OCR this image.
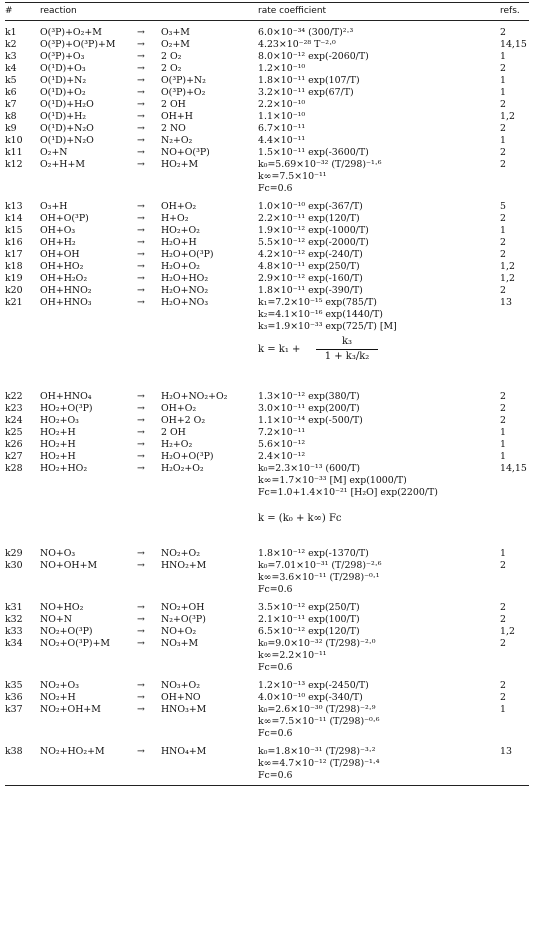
#	reaction	rate coefficient	refs.
k1 O(³P)+O₂+M	→ O₃+M	6.0×10⁻³⁴ (300/T)²·³	2
k2 O(³P)+O(³P)+M → O₂+M	4.23×10⁻²⁸ T⁻²·⁰	14,15
k3 O(³P)+O₃	→ 2 O₂	8.0×10⁻¹² exp(-2060/T)	1
k4 O(¹D)+O₃	→ 2 O₂	1.2×10⁻¹⁰	2
k5 O(¹D)+N₂	→ O(³P)+N₂	1.8×10⁻¹¹ exp(107/T)	1
k6 O(¹D)+O₂	→ O(³P)+O₂	3.2×10⁻¹¹ exp(67/T)	1
k7 O(¹D)+H₂O	→ 2 OH	2.2×10⁻¹⁰	2
k8 O(¹D)+H₂	→ OH+H	1.1×10⁻¹⁰	1,2
k9 O(¹D)+N₂O	→ 2 NO	6.7×10⁻¹¹	2
k10 O(¹D)+N₂O	→ N₂+O₂	4.4×10⁻¹¹	1
k11 O₂+N	→ NO+O(³P)	1.5×10⁻¹¹ exp(-3600/T)	2
k12 O₂+H+M	→ HO₂+M	k₀=5.69×10⁻³² (T/298)⁻¹·⁶	2
k∞=7.5×10⁻¹¹
Fc=0.6
k13 O₃+H	→ OH+O₂	1.0×10⁻¹⁰ exp(-367/T)	5
k14 OH+O(³P)	→ H+O₂	2.2×10⁻¹¹ exp(120/T)	2
k15 OH+O₃	→ HO₂+O₂	1.9×10⁻¹² exp(-1000/T)	1
k16 OH+H₂	→ H₂O+H	5.5×10⁻¹² exp(-2000/T)	2
k17 OH+OH	→ H₂O+O(³P)	4.2×10⁻¹² exp(-240/T)	2
k18 OH+HO₂	→ H₂O+O₂	4.8×10⁻¹¹ exp(250/T)	1,2
k19 OH+H₂O₂	→ H₂O+HO₂	2.9×10⁻¹² exp(-160/T)	1,2
k20 OH+HNO₂	→ H₂O+NO₂	1.8×10⁻¹¹ exp(-390/T)	2
k21 OH+HNO₃	→ H₂O+NO₃	k₁=7.2×10⁻¹⁵ exp(785/T)	13
k₂=4.1×10⁻¹⁶ exp(1440/T)
k₃=1.9×10⁻³³ exp(725/T) [M]
k22 OH+HNO₄	→ H₂O+NO₂+O₂	1.3×10⁻¹² exp(380/T)	2
k23 HO₂+O(³P)	→ OH+O₂	3.0×10⁻¹¹ exp(200/T)	2
k24 HO₂+O₃	→ OH+2 O₂	1.1×10⁻¹⁴ exp(-500/T)	2
k25 HO₂+H	→ 2 OH	7.2×10⁻¹¹	1
k26 HO₂+H	→ H₂+O₂	5.6×10⁻¹²	1
k27 HO₂+H	→ H₂O+O(³P)	2.4×10⁻¹²	1
k28 HO₂+HO₂	→ H₂O₂+O₂	k₀=2.3×10⁻¹³ (600/T)	14,15
k∞=1.7×10⁻³³ [M] exp(1000/T)
Fc=1.0+1.4×10⁻²¹ [H₂O] exp(2200/T)
k29 NO+O₃	→ NO₂+O₂	1.8×10⁻¹² exp(-1370/T)	1
k30 NO+OH+M	→ HNO₂+M	k₀=7.01×10⁻³¹ (T/298)⁻²·⁶	2
k∞=3.6×10⁻¹¹ (T/298)⁻⁰·¹
Fc=0.6
k31 NO+HO₂	→ NO₂+OH	3.5×10⁻¹² exp(250/T)	2
k32 NO+N	→ N₂+O(³P)	2.1×10⁻¹¹ exp(100/T)	2
k33 NO₂+O(³P)	→ NO+O₂	6.5×10⁻¹² exp(120/T)	1,2
k34 NO₂+O(³P)+M	→ NO₃+M	k₀=9.0×10⁻³² (T/298)⁻²·⁰	2
k∞=2.2×10⁻¹¹
Fc=0.6
k35 NO₂+O₃	→ NO₃+O₂	1.2×10⁻¹³ exp(-2450/T)	2
k36 NO₂+H	→ OH+NO	4.0×10⁻¹⁰ exp(-340/T)	2
k37 NO₂+OH+M	→ HNO₃+M	k₀=2.6×10⁻³⁰ (T/298)⁻²·⁹	1
k∞=7.5×10⁻¹¹ (T/298)⁻⁰·⁶
Fc=0.6
k38 NO₂+HO₂+M	→ HNO₄+M	k₀=1.8×10⁻³¹ (T/298)⁻³·²	13
k∞=4.7×10⁻¹² (T/298)⁻¹·⁴
Fc=0.6
k = k₁ +
k₃
1 + k₃/k₂
k = (k₀ + k∞) Fc
